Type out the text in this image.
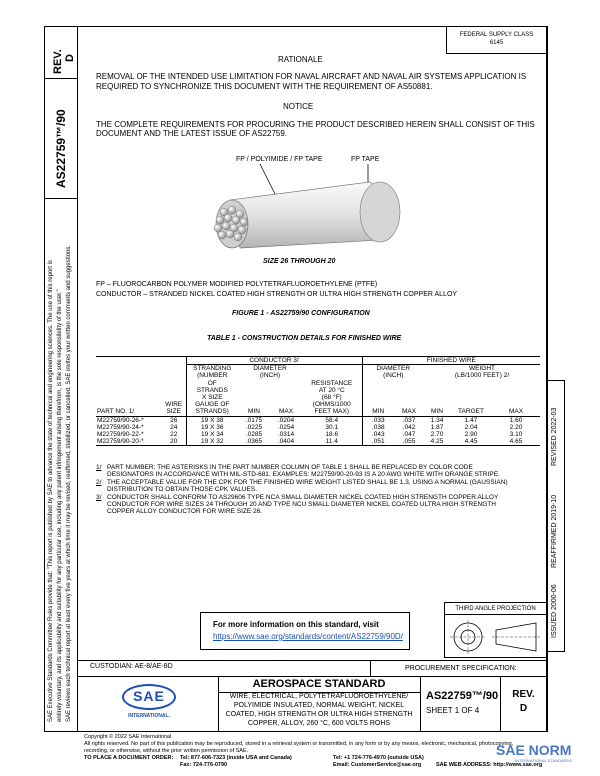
SAE Executive Standards Committee Rules provide that: "This report is published by SAE to advance the state of technical and engineering sciences. The use of this report is entirely voluntary, and its applicability and suitability for any particular use, including any patent infringement arising therefrom, is the sole responsibility of the user." SAE reviews each technical report at least every five years at which time it may be revised, reaffirmed, stabilized, or cancelled. SAE invites your written comments and suggestions.
REV. D
AS22759™/90
REVISED 2022-03
REAFFIRMED 2019-10
ISSUED 2000-06
FEDERAL SUPPLY CLASS
6145
RATIONALE
REMOVAL OF THE INTENDED USE LIMITATION FOR NAVAL AIRCRAFT AND NAVAL AIR SYSTEMS APPLICATION IS
REQUIRED TO SYNCHRONIZE THIS DOCUMENT WITH THE REQUIREMENT OF AS50881.
NOTICE
THE COMPLETE REQUIREMENTS FOR PROCURING THE PRODUCT DESCRIBED HEREIN SHALL CONSIST OF THIS
DOCUMENT AND THE LATEST ISSUE OF AS22759.
FP / POLYIMIDE / FP TAPE	FP TAPE
SIZE 26 THROUGH 20
FP – FLUOROCARBON POLYMER MODIFIED POLYTETRAFLUOROETHYLENE (PTFE)
CONDUCTOR – STRANDED NICKEL COATED HIGH STRENGTH OR ULTRA HIGH STRENGTH COPPER ALLOY
FIGURE 1 - AS22759/90 CONFIGURATION
TABLE 1 - CONSTRUCTION DETAILS FOR FINISHED WIRE
		CONDUCTOR 3/				FINISHED WIRE				
		STRANDING	DIAMETER			DIAMETER		WEIGHT		
		(NUMBER	(INCH)			(INCH)		(LB/1000 FEET) 2/		
		OF			RESISTANCE					
		STRANDS			AT 20 °C					
		X SIZE			(68 °F)					
	WIRE	GAUGE OF			(OHMS/1000					
PART NO. 1/	SIZE	STRANDS)	MIN	MAX	FEET MAX)	MIN	MAX	MIN	TARGET	MAX
M22759/90-26-*	26	19 X 38	.0175	.0204	58.4	.033	.037	1.34	1.47	1.60
M22759/90-24-*	24	19 X 36	.0225	.0254	30.1	.038	.042	1.87	2.04	2.20
M22759/90-22-*	22	19 X 34	.0285	.0314	18.6	.043	.047	2.70	2.90	3.10
M22759/90-20-*	20	19 X 32	.0365	.0404	11.4	.051	.055	4.25	4.45	4.65
1/ PART NUMBER: THE ASTERISKS IN THE PART NUMBER COLUMN OF TABLE 1 SHALL BE REPLACED BY COLOR CODE
DESIGNATORS IN ACCORDANCE WITH MIL-STD-681. EXAMPLES: M22759/90-20-93 IS A 20 AWG WHITE WITH ORANGE STRIPE.
2/ THE ACCEPTABLE VALUE FOR THE CPK FOR THE FINISHED WIRE WEIGHT LISTED SHALL BE 1.3, USING A NORMAL (GAUSSIAN)
DISTRIBUTION TO OBTAIN THOSE CPK VALUES.
3/ CONDUCTOR SHALL CONFORM TO AS29606 TYPE NCA SMALL DIAMETER NICKEL COATED HIGH STRENGTH COPPER ALLOY
CONDUCTOR FOR WIRE SIZES 24 THROUGH 20 AND TYPE NCU SMALL DIAMETER NICKEL COATED ULTRA HIGH STRENGTH
COPPER ALLOY CONDUCTOR FOR WIRE SIZE 26.
For more information on this standard, visit
https://www.sae.org/standards/content/AS22759/90D/
THIRD ANGLE PROJECTION
CUSTODIAN: AE-8/AE-8D	PROCUREMENT SPECIFICATION:
SAE
INTERNATIONAL.
AEROSPACE STANDARD
WIRE, ELECTRICAL, POLYTETRAFLUOROETHYLENE/
POLYIMIDE INSULATED, NORMAL WEIGHT, NICKEL
COATED, HIGH STRENGTH OR ULTRA HIGH STRENGTH
COPPER, ALLOY, 260 °C, 600 VOLTS ROHS
AS22759™/90
SHEET 1 OF 4
REV.
D
Copyright © 2022 SAE International
All rights reserved. No part of this publication may be reproduced, stored in a retrieval system or transmitted, in any form or by any means, electronic, mechanical, photocopying,
recording, or otherwise, without the prior written permission of SAE.
TO PLACE A DOCUMENT ORDER: Tel: 877-606-7323 (inside USA and Canada)	Tel: +1 724-776-4970 (outside USA)
Fax: 724-776-0790	Email: CustomerService@sae.org	SAE WEB ADDRESS: http://www.sae.org
SAE NORM
INTERNATIONAL STANDARDS
